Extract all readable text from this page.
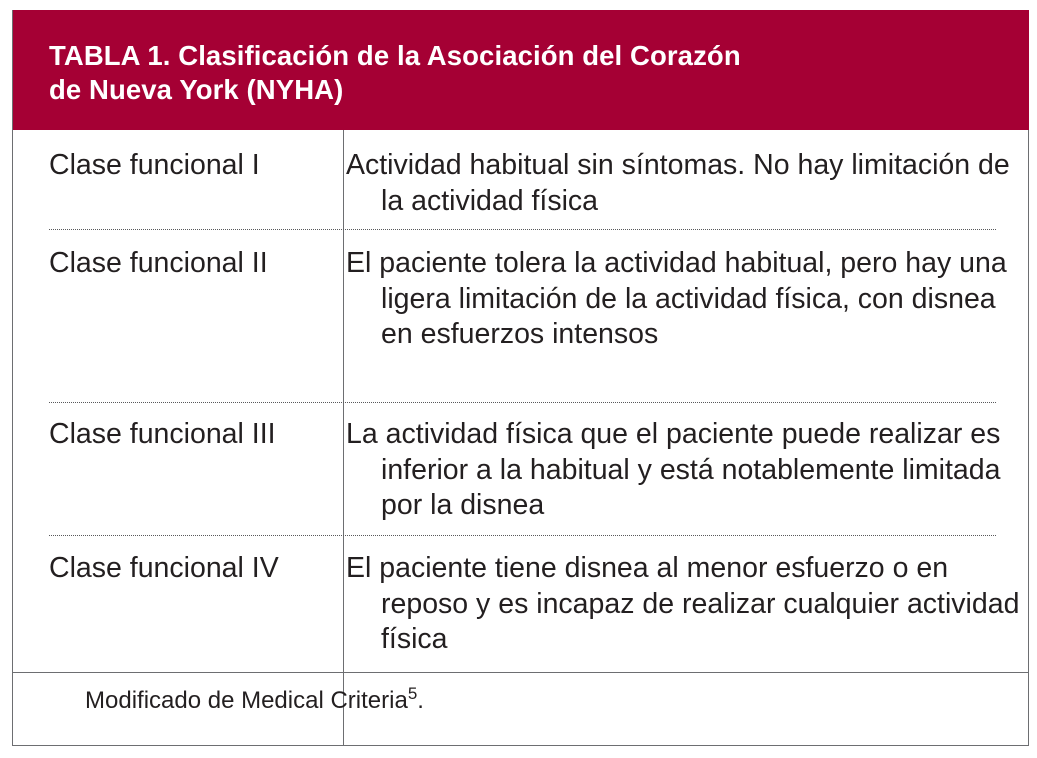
TABLA 1. Clasificación de la Asociación del Corazón
de Nueva York (NYHA)
Clase funcional I	Actividad habitual sin síntomas. No hay limitación de la actividad física
Clase funcional II	El paciente tolera la actividad habitual, pero hay una ligera limitación de la actividad física, con disnea en esfuerzos intensos
Clase funcional III La actividad física que el paciente puede realizar es inferior a la habitual y está notablemente limitada por la disnea
Clase funcional IV El paciente tiene disnea al menor esfuerzo o en reposo y es incapaz de realizar cualquier actividad física
Modificado de Medical Criteria$^5$.
